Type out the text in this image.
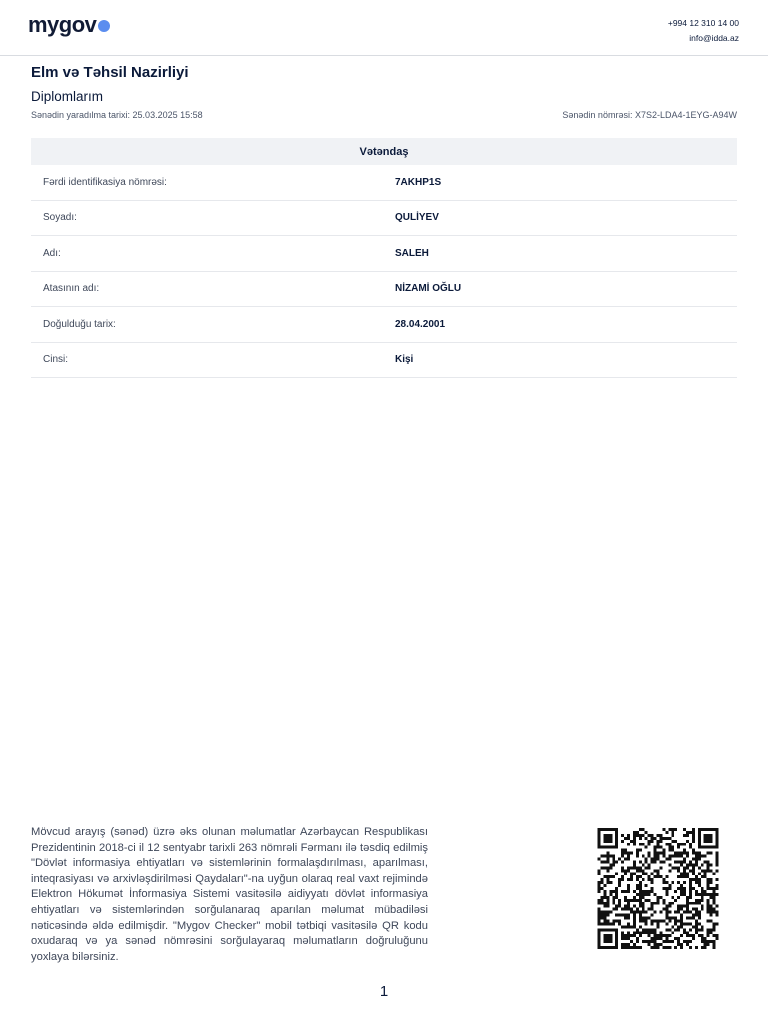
mygov	+994 12 310 14 00
info@idda.az
Elm və Təhsil Nazirliyi
Diplomlarım
Sənədin yaradılma tarixi: 25.03.2025 15:58	Sənədin nömrəsi: X7S2-LDA4-1EYG-A94W
Vətəndaş
Fərdi identifikasiya nömrəsi:	7AKHP1S
Soyadı:	QULİYEV
Adı:	SALEH
Atasının adı:	NİZAMİ OĞLU
Doğulduğu tarix:	28.04.2001
Cinsi:	Kişi
Mövcud arayış (sənəd) üzrə əks olunan məlumatlar Azərbaycan Respublikası Prezidentinin 2018-ci il 12 sentyabr tarixli 263 nömrəli Fərmanı ilə təsdiq edilmiş "Dövlət informasiya ehtiyatları və sistemlərinin formalaşdırılması, aparılması, inteqrasiyası və arxivləşdirilməsi Qaydaları"-na uyğun olaraq real vaxt rejimində Elektron Hökumət İnformasiya Sistemi vasitəsilə aidiyyatı dövlət informasiya ehtiyatları və sistemlərindən sorğulanaraq aparılan məlumat mübadiləsi nəticəsində əldə edilmişdir. "Mygov Checker" mobil tətbiqi vasitəsilə QR kodu oxudaraq və ya sənəd nömrəsini sorğulayaraq məlumatların doğruluğunu yoxlaya bilərsiniz.
1
